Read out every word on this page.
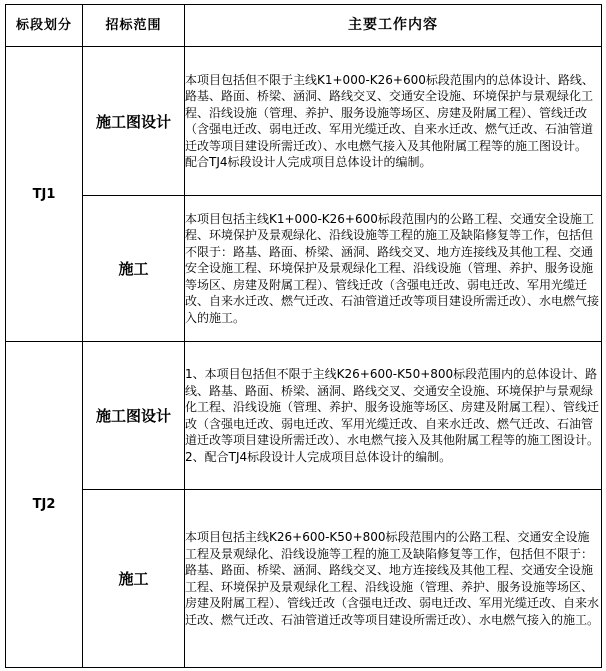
标段划分	招标范围	主要工作内容
TJ1	施工图设计	本项目包括但不限于主线K1+000-K26+600标段范围内的总体设计、路线、路基、路面、桥梁、涵洞、路线交叉、交通安全设施、环境保护与景观绿化工程、沿线设施（管理、养护、服务设施等场区、房建及附属工程）、管线迁改（含强电迁改、弱电迁改、军用光缆迁改、自来水迁改、燃气迁改、石油管道迁改等项目建设所需迁改）、水电燃气接入及其他附属工程等的施工图设计。

配合TJ4标段设计人完成项目总体设计的编制。

	施工	本项目包括主线K1+000-K26+600标段范围内的公路工程、交通安全设施工程、环境保护及景观绿化、沿线设施等工程的施工及缺陷修复等工作，包括但不限于：路基、路面、桥梁、涵洞、路线交叉、地方连接线及其他工程、交通安全设施工程、环境保护及景观绿化工程、沿线设施（管理、养护、服务设施等场区、房建及附属工程）、管线迁改（含强电迁改、弱电迁改、军用光缆迁改、自来水迁改、燃气迁改、石油管道迁改等项目建设所需迁改）、水电燃气接入的施工。

TJ2	施工图设计	1、本项目包括但不限于主线K26+600-K50+800标段范围内的总体设计、路线、路基、路面、桥梁、涵洞、路线交叉、交通安全设施、环境保护与景观绿化工程、沿线设施（管理、养护、服务设施等场区、房建及附属工程）、管线迁改（含强电迁改、弱电迁改、军用光缆迁改、自来水迁改、燃气迁改、石油管道迁改等项目建设所需迁改）、水电燃气接入及其他附属工程等的施工图设计。

2、配合TJ4标段设计人完成项目总体设计的编制。

	施工	本项目包括主线K26+600-K50+800标段范围内的公路工程、交通安全设施工程及景观绿化、沿线设施等工程的施工及缺陷修复等工作，包括但不限于：路基、路面、桥梁、涵洞、路线交叉、地方连接线及其他工程、交通安全设施工程、环境保护及景观绿化工程、沿线设施（管理、养护、服务设施等场区、房建及附属工程）、管线迁改（含强电迁改、弱电迁改、军用光缆迁改、自来水迁改、燃气迁改、石油管道迁改等项目建设所需迁改）、水电燃气接入的施工。
